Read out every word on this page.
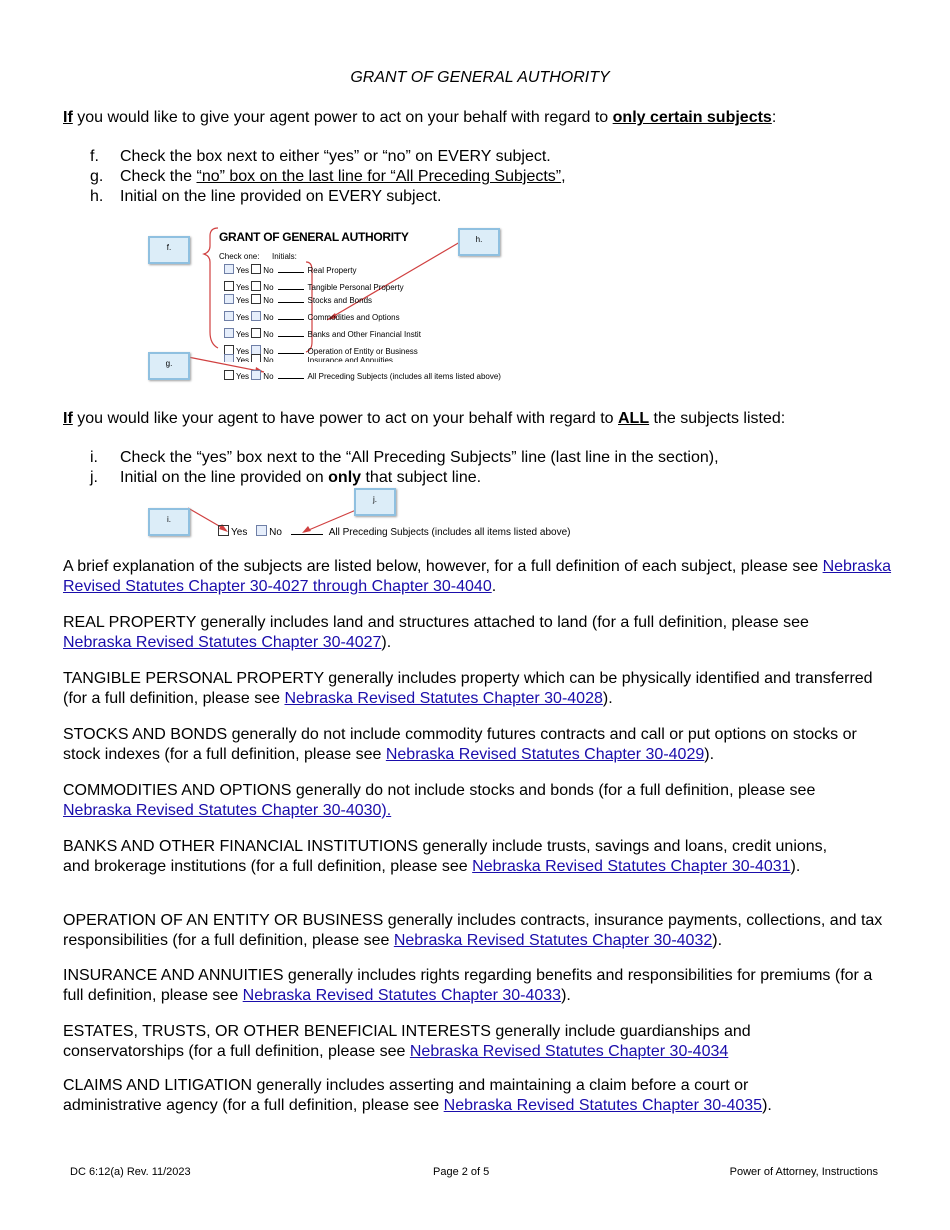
GRANT OF GENERAL AUTHORITY
If you would like to give your agent power to act on your behalf with regard to only certain subjects:
f. Check the box next to either “yes” or “no” on EVERY subject.
g. Check the “no” box on the last line for “All Preceding Subjects”,
h. Initial on the line provided on EVERY subject.
f.
g.
h.
GRANT OF GENERAL AUTHORITY
Check one: Initials:
Yes No	Real Property
Yes No	Tangible Personal Property
Yes No	Stocks and Bonds
Yes No	Commodities and Options
Yes No	Banks and Other Financial Instit
Yes No	Operation of Entity or Business
Yes No	Insurance and Annuities
Yes No	All Preceding Subjects (includes all items listed above)
If you would like your agent to have power to act on your behalf with regard to ALL the subjects listed:
i. Check the “yes” box next to the “All Preceding Subjects” line (last line in the section),
j. Initial on the line provided on only that subject line.
i.
j.
Yes No	All Preceding Subjects (includes all items listed above)
A brief explanation of the subjects are listed below, however, for a full definition of each subject, please see Nebraska Revised Statutes Chapter 30-4027 through Chapter 30-4040.
REAL PROPERTY generally includes land and structures attached to land (for a full definition, please see Nebraska Revised Statutes Chapter 30-4027).
TANGIBLE PERSONAL PROPERTY generally includes property which can be physically identified and transferred (for a full definition, please see Nebraska Revised Statutes Chapter 30-4028).
STOCKS AND BONDS generally do not include commodity futures contracts and call or put options on stocks or stock indexes (for a full definition, please see Nebraska Revised Statutes Chapter 30-4029).
COMMODITIES AND OPTIONS generally do not include stocks and bonds (for a full definition, please see Nebraska Revised Statutes Chapter 30-4030).
BANKS AND OTHER FINANCIAL INSTITUTIONS generally include trusts, savings and loans, credit unions, and brokerage institutions (for a full definition, please see Nebraska Revised Statutes Chapter 30-4031).
OPERATION OF AN ENTITY OR BUSINESS generally includes contracts, insurance payments, collections, and tax responsibilities (for a full definition, please see Nebraska Revised Statutes Chapter 30-4032).
INSURANCE AND ANNUITIES generally includes rights regarding benefits and responsibilities for premiums (for a full definition, please see Nebraska Revised Statutes Chapter 30-4033).
ESTATES, TRUSTS, OR OTHER BENEFICIAL INTERESTS generally include guardianships and conservatorships (for a full definition, please see Nebraska Revised Statutes Chapter 30-4034
CLAIMS AND LITIGATION generally includes asserting and maintaining a claim before a court or administrative agency (for a full definition, please see Nebraska Revised Statutes Chapter 30-4035).
DC 6:12(a) Rev. 11/2023	Page 2 of 5	Power of Attorney, Instructions
